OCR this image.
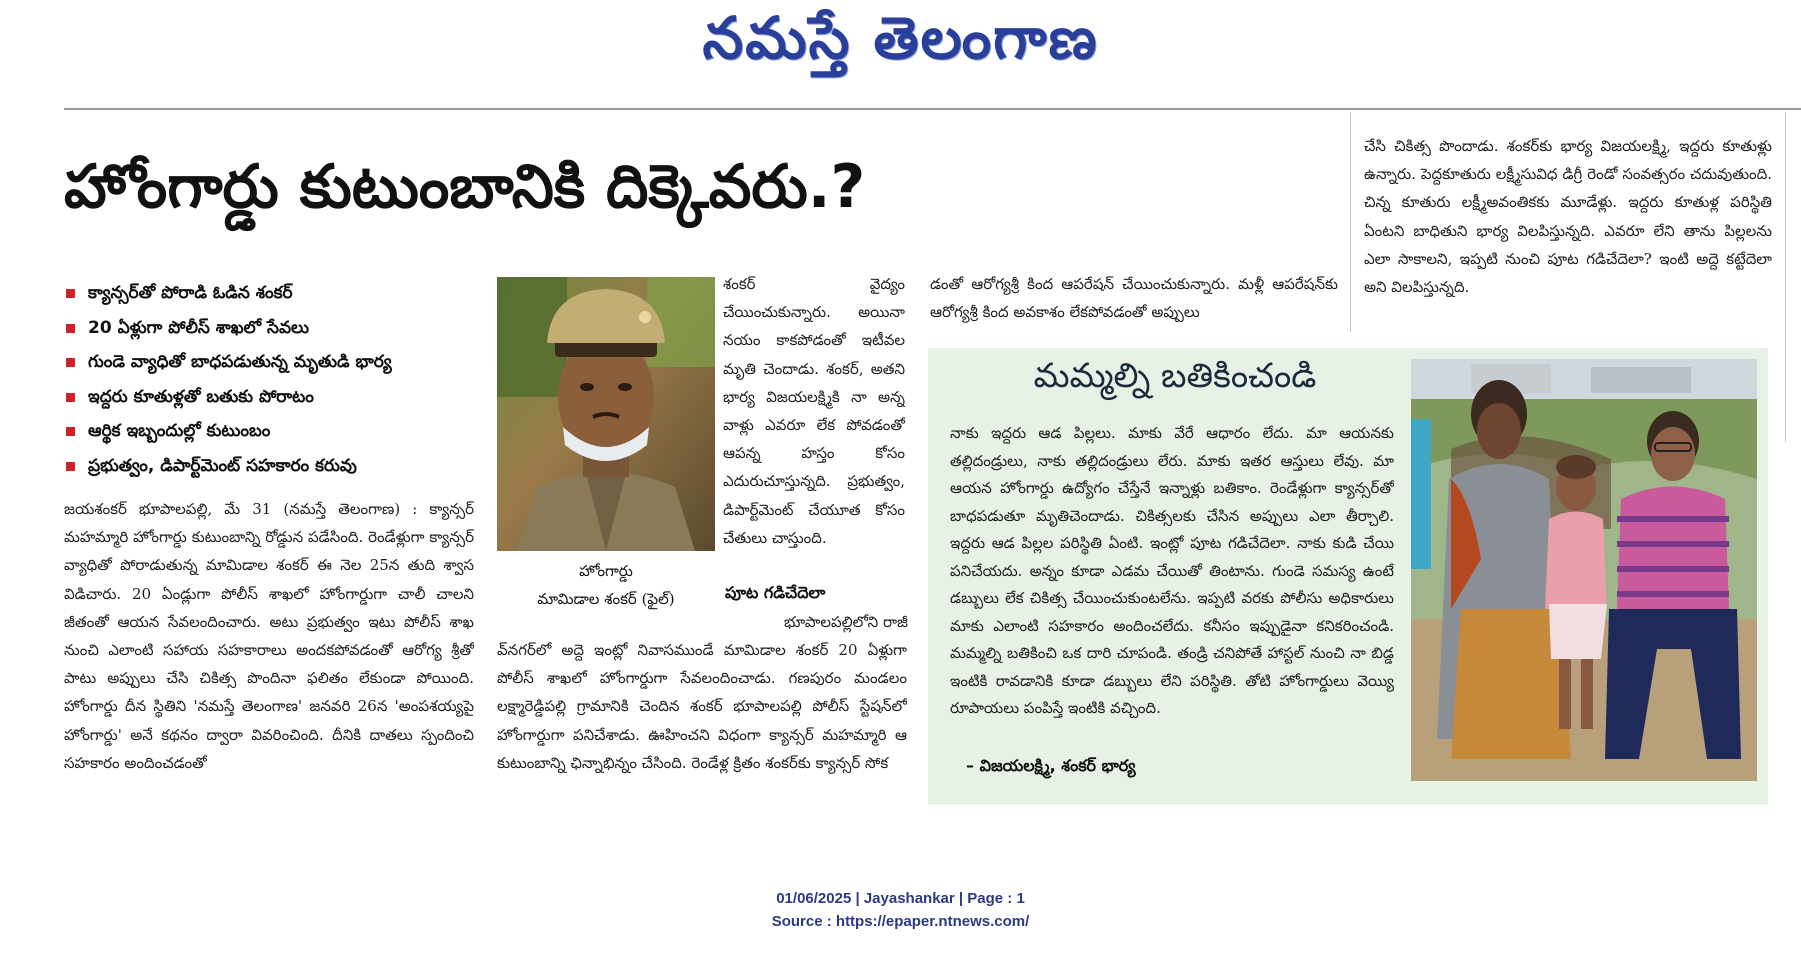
నమస్తే తెలంగాణ
హోంగార్డు కుటుంబానికి దిక్కెవరు.?
క్యాన్సర్‌తో పోరాడి ఓడిన శంకర్
20 ఏళ్లుగా పోలీస్ శాఖలో సేవలు
గుండె వ్యాధితో బాధపడుతున్న మృతుడి భార్య
ఇద్దరు కూతుళ్లతో బతుకు పోరాటం
ఆర్థిక ఇబ్బందుల్లో కుటుంబం
ప్రభుత్వం, డిపార్ట్‌మెంట్ సహకారం కరువు

జయశంకర్ భూపాలపల్లి, మే 31 (నమస్తే తెలంగాణ) : క్యాన్సర్ మహమ్మారి హోంగార్డు కుటుంబాన్ని రోడ్డున పడేసింది. రెండేళ్లుగా క్యాన్సర్ వ్యాధితో పోరాడుతున్న మామిడాల శంకర్ ఈ నెల 25న తుది శ్వాస విడిచారు. 20 ఏండ్లుగా పోలీస్ శాఖలో హోంగార్డుగా చాలీ చాలని జీతంతో ఆయన సేవలందించారు. అటు ప్రభుత్వం ఇటు పోలీస్ శాఖ నుంచి ఎలాంటి సహాయ సహకారాలు అందకపోవడంతో ఆరోగ్య శ్రీతో పాటు అప్పులు చేసి చికిత్స పొందినా ఫలితం లేకుండా పోయింది. హోంగార్డు దీన స్థితిని 'నమస్తే తెలంగాణ' జనవరి 26న 'అంపశయ్యపై హోంగార్డు' అనే కథనం ద్వారా వివరించింది. దీనికి దాతలు స్పందించి సహకారం అందించడంతో

హోంగార్డు

మామిడాల శంకర్ (ఫైల్)

శంకర్ వైద్యం చేయించుకున్నారు. అయినా నయం కాకపోడంతో ఇటీవల మృతి చెందాడు. శంకర్, అతని భార్య విజయలక్ష్మికి నా అన్న వాళ్లు ఎవరూ లేక పోవడంతో ఆపన్న హస్తం కోసం ఎదురుచూస్తున్నది. ప్రభుత్వం, డిపార్ట్‌మెంట్ చేయూత కోసం చేతులు చాస్తుంది.

పూట గడిచేదెలా

భూపాలపల్లిలోని రాజీ

వ్‌నగర్‌లో అద్దె ఇంట్లో నివాసముండే మామిడాల శంకర్ 20 ఏళ్లుగా పోలీస్ శాఖలో హోంగార్డుగా సేవలందించాడు. గణపురం మండలం లక్ష్మారెడ్డిపల్లి గ్రామానికి చెందిన శంకర్ భూపాలపల్లి పోలీస్ స్టేషన్‌లో హోంగార్డుగా పనిచేశాడు. ఊహించని విధంగా క్యాన్సర్ మహమ్మారి ఆ కుటుంబాన్ని ఛిన్నాభిన్నం చేసింది. రెండేళ్ల క్రితం శంకర్‌కు క్యాన్సర్ సోక

డంతో ఆరోగ్యశ్రీ కింద ఆపరేషన్ చేయించుకున్నారు. మళ్లీ ఆపరేషన్‌కు ఆరోగ్యశ్రీ కింద అవకాశం లేకపోవడంతో అప్పులు

చేసి చికిత్స పొందాడు. శంకర్‌కు భార్య విజయలక్ష్మి, ఇద్దరు కూతుళ్లు ఉన్నారు. పెద్దకూతురు లక్ష్మీసువిధ డిగ్రీ రెండో సంవత్సరం చదువుతుంది. చిన్న కూతురు లక్ష్మీఅవంతికకు మూడేళ్లు. ఇద్దరు కూతుళ్ల పరిస్థితి ఏంటని బాధితుని భార్య విలపిస్తున్నది. ఎవరూ లేని తాను పిల్లలను ఎలా సాకాలని, ఇప్పటి నుంచి పూట గడిచేదెలా? ఇంటి అద్దె కట్టేదెలా అని విలపిస్తున్నది.

మమ్మల్ని బతికించండి

నాకు ఇద్దరు ఆడ పిల్లలు. మాకు వేరే ఆధారం లేదు. మా ఆయనకు తల్లిదండ్రులు, నాకు తల్లిదండ్రులు లేరు. మాకు ఇతర ఆస్తులు లేవు. మా ఆయన హోంగార్డు ఉద్యోగం చేస్తేనే ఇన్నాళ్లు బతికాం. రెండేళ్లుగా క్యాన్సర్‌తో బాధపడుతూ మృతిచెందాడు. చికిత్సలకు చేసిన అప్పులు ఎలా తీర్చాలి. ఇద్దరు ఆడ పిల్లల పరిస్థితి ఏంటి. ఇంట్లో పూట గడిచేదెలా. నాకు కుడి చేయి పనిచేయదు. అన్నం కూడా ఎడమ చేయితో తింటాను. గుండె సమస్య ఉంటే డబ్బులు లేక చికిత్స చేయించుకుంటలేను. ఇప్పటి వరకు పోలీసు అధికారులు మాకు ఎలాంటి సహకారం అందించలేదు. కనీసం ఇప్పుడైనా కనికరించండి. మమ్మల్ని బతికించి ఒక దారి చూపండి. తండ్రి చనిపోతే హాస్టల్ నుంచి నా బిడ్డ ఇంటికి రావడానికి కూడా డబ్బులు లేని పరిస్థితి. తోటి హోంగార్డులు వెయ్యి రూపాయలు పంపిస్తే ఇంటికి వచ్చింది.

– విజయలక్ష్మి, శంకర్ భార్య

01/06/2025 | Jayashankar | Page : 1

Source : https://epaper.ntnews.com/
